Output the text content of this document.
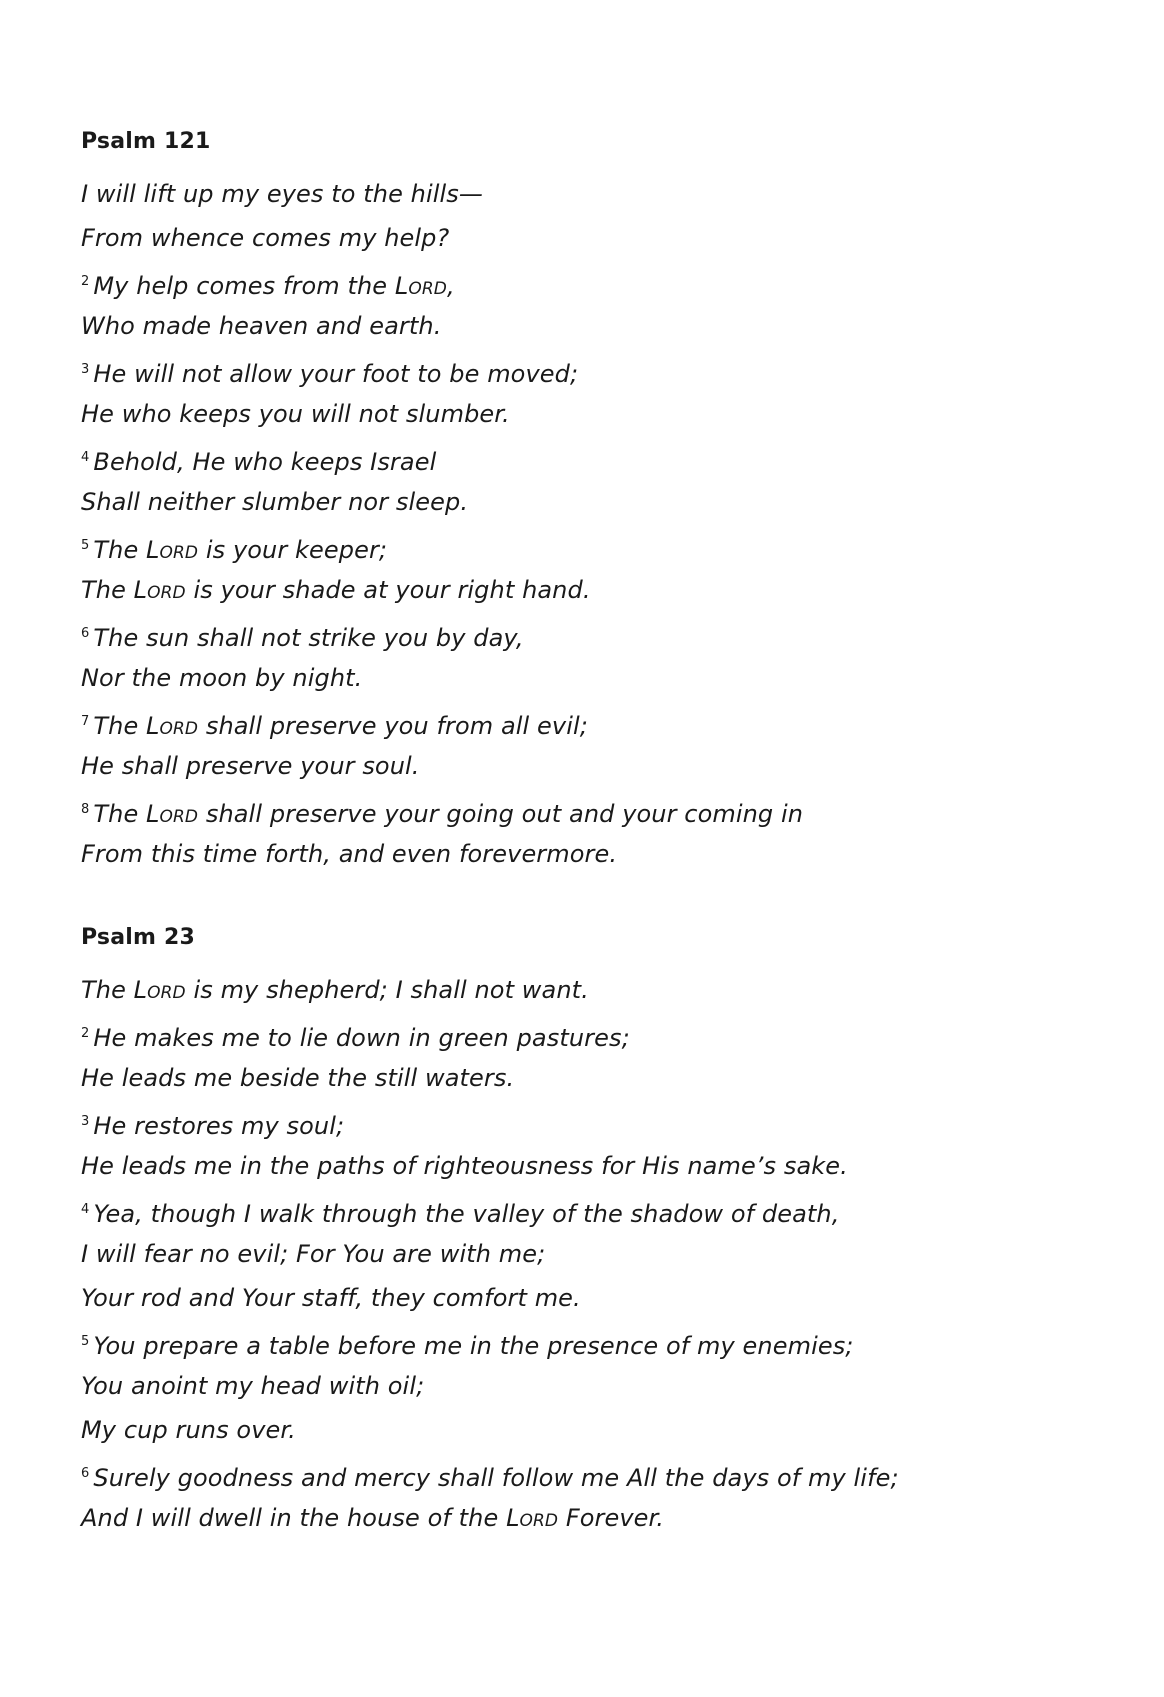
Psalm 121
I will lift up my eyes to the hills—
From whence comes my help?
$^2$ My help comes from the Lord,
Who made heaven and earth.
$^3$ He will not allow your foot to be moved;
He who keeps you will not slumber.
$^4$ Behold, He who keeps Israel
Shall neither slumber nor sleep.
$^5$ The Lord is your keeper;
The Lord is your shade at your right hand.
$^6$ The sun shall not strike you by day,
Nor the moon by night.
$^7$ The Lord shall preserve you from all evil;
He shall preserve your soul.
$^8$ The Lord shall preserve your going out and your coming in
From this time forth, and even forevermore.
Psalm 23
The Lord is my shepherd; I shall not want.
$^2$ He makes me to lie down in green pastures;
He leads me beside the still waters.
$^3$ He restores my soul;
He leads me in the paths of righteousness for His name’s sake.
$^4$ Yea, though I walk through the valley of the shadow of death,
I will fear no evil; For You are with me;
Your rod and Your staff, they comfort me.
$^5$ You prepare a table before me in the presence of my enemies;
You anoint my head with oil;
My cup runs over.
$^6$ Surely goodness and mercy shall follow me All the days of my life;
And I will dwell in the house of the Lord Forever.
